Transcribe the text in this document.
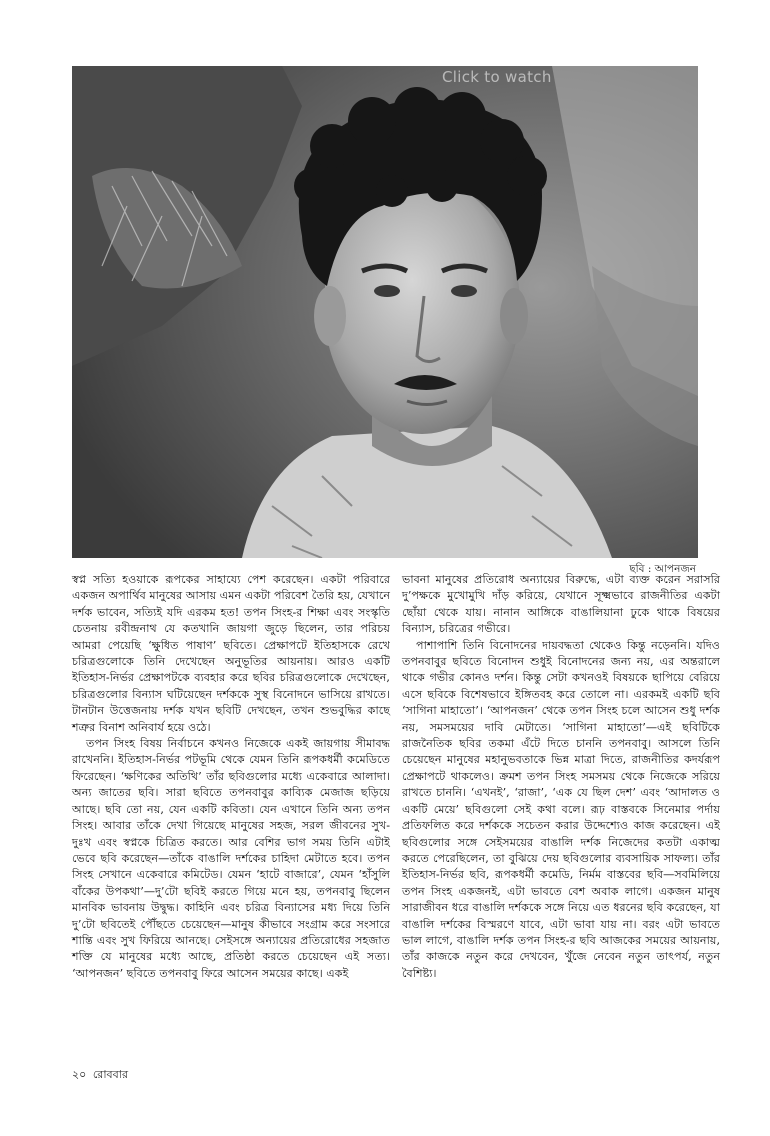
Click to watch
ছবি : আপনজন

স্বপ্ন সত্যি হওয়াকে রূপকের সাহায্যে পেশ করেছেন। একটা পরিবারে একজন অপার্থিব মানুষের আসায় এমন একটা পরিবেশ তৈরি হয়, যেখানে দর্শক ভাবেন, সত্যিই যদি এরকম হত! তপন সিংহ-র শিক্ষা এবং সংস্কৃতি চেতনায় রবীন্দ্রনাথ যে কতখানি জায়গা জুড়ে ছিলেন, তার পরিচয় আমরা পেয়েছি ‘ক্ষুধিত পাষাণ’ ছবিতে। প্রেক্ষাপটে ইতিহাসকে রেখে চরিত্রগুলোকে তিনি দেখেছেন অনুভূতির আয়নায়। আরও একটি ইতিহাস-নির্ভর প্রেক্ষাপটকে ব্যবহার করে ছবির চরিত্রগুলোকে দেখেছেন, চরিত্রগুলোর বিন্যাস ঘটিয়েছেন দর্শককে সুস্থ বিনোদনে ভাসিয়ে রাখতে। টানটান উত্তেজনায় দর্শক যখন ছবিটি দেখছেন, তখন শুভবুদ্ধির কাছে শত্রুর বিনাশ অনিবার্য হয়ে ওঠে।

তপন সিংহ বিষয় নির্বাচনে কখনও নিজেকে একই জায়গায় সীমাবদ্ধ রাখেননি। ইতিহাস-নির্ভর পটভূমি থেকে যেমন তিনি রূপকধর্মী কমেডিতে ফিরেছেন। ‘ক্ষণিকের অতিথি’ তাঁর ছবিগুলোর মধ্যে একেবারে আলাদা। অন্য জাতের ছবি। সারা ছবিতে তপনবাবুর কাব্যিক মেজাজ ছড়িয়ে আছে। ছবি তো নয়, যেন একটি কবিতা। যেন এখানে তিনি অন্য তপন সিংহ। আবার তাঁকে দেখা গিয়েছে মানুষের সহজ, সরল জীবনের সুখ-দুঃখ এবং স্বপ্নকে চিত্রিত করতে। আর বেশির ভাগ সময় তিনি এটাই ভেবে ছবি করেছেন—তাঁকে বাঙালি দর্শকের চাহিদা মেটাতে হবে। তপন সিংহ সেখানে একেবারে কমিটেড। যেমন ‘হাটে বাজারে’, যেমন ‘হাঁসুলি বাঁকের উপকথা’—দু’টো ছবিই করতে গিয়ে মনে হয়, তপনবাবু ছিলেন মানবিক ভাবনায় উদ্বুদ্ধ। কাহিনি এবং চরিত্র বিন্যাসের মধ্য দিয়ে তিনি দু’টো ছবিতেই পৌঁছতে চেয়েছেন—মানুষ কীভাবে সংগ্রাম করে সংসারে শান্তি এবং সুখ ফিরিয়ে আনছে। সেইসঙ্গে অন্যায়ের প্রতিরোধের সহজাত শক্তি যে মানুষের মধ্যে আছে, প্রতিষ্ঠা করতে চেয়েছেন এই সত্য। ‘আপনজন’ ছবিতে তপনবাবু ফিরে আসেন সময়ের কাছে। একই

ভাবনা মানুষের প্রতিরোধ অন্যায়ের বিরুদ্ধে, এটা ব্যক্ত করেন সরাসরি দু’পক্ষকে মুখোমুখি দাঁড় করিয়ে, যেখানে সূক্ষ্মভাবে রাজনীতির একটা ছোঁয়া থেকে যায়। নানান আঙ্গিকে বাঙালিয়ানা ঢুকে থাকে বিষয়ের বিন্যাস, চরিত্রের গভীরে।

পাশাপাশি তিনি বিনোদনের দায়বদ্ধতা থেকেও কিন্তু নড়েননি। যদিও তপনবাবুর ছবিতে বিনোদন শুধুই বিনোদনের জন্য নয়, এর অন্তরালে থাকে গভীর কোনও দর্শন। কিন্তু সেটা কখনওই বিষয়কে ছাপিয়ে বেরিয়ে এসে ছবিকে বিশেষভাবে ইঙ্গিতবহ করে তোলে না। এরকমই একটি ছবি ‘সাগিনা মাহাতো’। ‘আপনজন’ থেকে তপন সিংহ চলে আসেন শুধু দর্শক নয়, সমসময়ের দাবি মেটাতে। ‘সাগিনা মাহাতো’—এই ছবিটিকে রাজনৈতিক ছবির তকমা এঁটে দিতে চাননি তপনবাবু। আসলে তিনি চেয়েছেন মানুষের মহানুভবতাকে ভিন্ন মাত্রা দিতে, রাজনীতির কদর্যরূপ প্রেক্ষাপটে থাকলেও। ক্রমশ তপন সিংহ সমসময় থেকে নিজেকে সরিয়ে রাখতে চাননি। ‘এখনই’, ‘রাজা’, ‘এক যে ছিল দেশ’ এবং ‘আদালত ও একটি মেয়ে’ ছবিগুলো সেই কথা বলে। রূঢ় বাস্তবকে সিনেমার পর্দায় প্রতিফলিত করে দর্শককে সচেতন করার উদ্দেশ্যেও কাজ করেছেন। এই ছবিগুলোর সঙ্গে সেইসময়ের বাঙালি দর্শক নিজেদের কতটা একাত্ম করতে পেরেছিলেন, তা বুঝিয়ে দেয় ছবিগুলোর ব্যবসায়িক সাফল্য। তাঁর ইতিহাস-নির্ভর ছবি, রূপকধর্মী কমেডি, নির্মম বাস্তবের ছবি—সবমিলিয়ে তপন সিংহ একজনই, এটা ভাবতে বেশ অবাক লাগে। একজন মানুষ সারাজীবন ধরে বাঙালি দর্শককে সঙ্গে নিয়ে এত ধরনের ছবি করেছেন, যা বাঙালি দর্শকের বিস্মরণে যাবে, এটা ভাবা যায় না। বরং এটা ভাবতে ভাল লাগে, বাঙালি দর্শক তপন সিংহ-র ছবি আজকের সময়ের আয়নায়, তাঁর কাজকে নতুন করে দেখবেন, খুঁজে নেবেন নতুন তাৎপর্য, নতুন বৈশিষ্ট্য।

২০ রোববার
